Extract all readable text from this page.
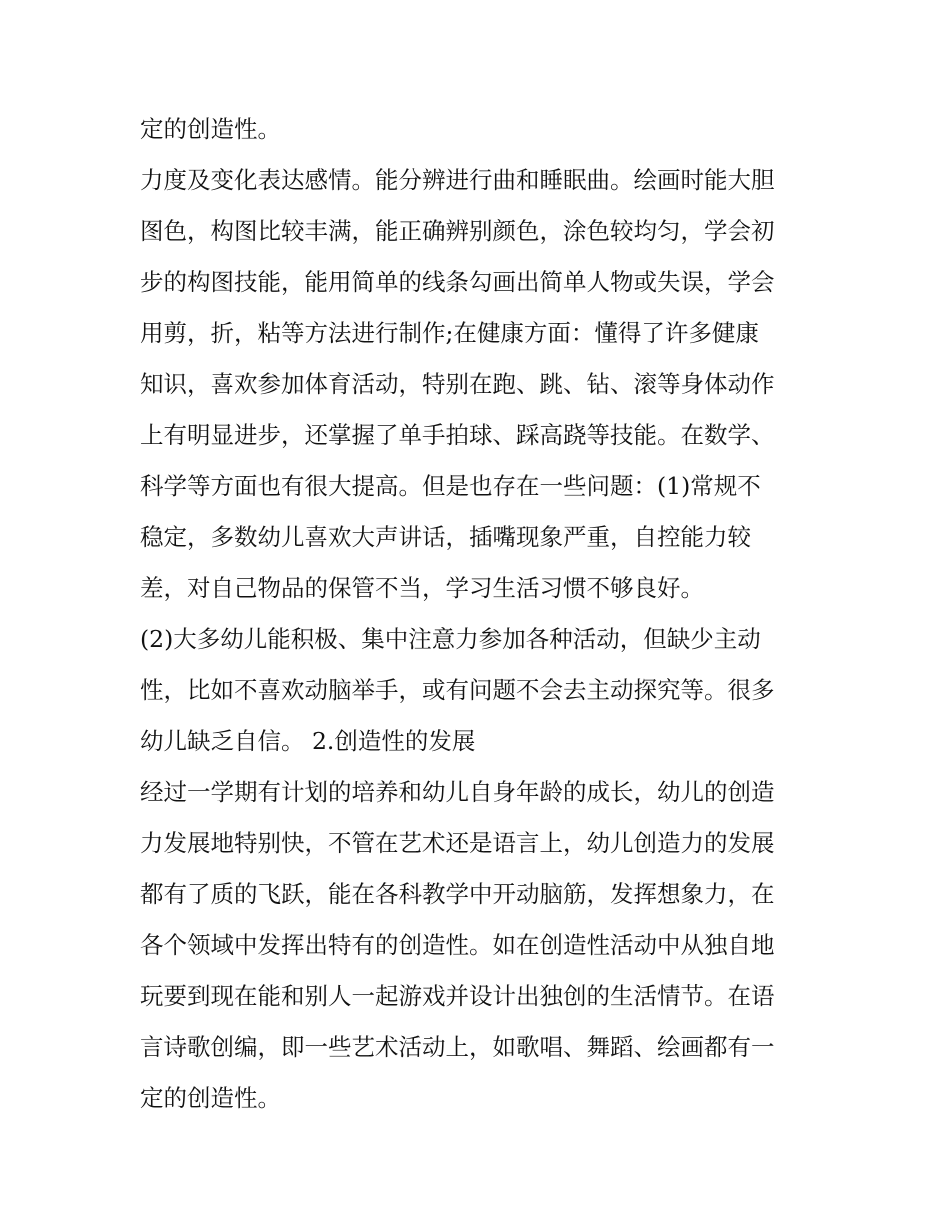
定的创造性。
力度及变化表达感情。能分辨进行曲和睡眠曲。绘画时能大胆
图色，构图比较丰满，能正确辨别颜色，涂色较均匀，学会初
步的构图技能，能用简单的线条勾画出简单人物或失误，学会
用剪，折，粘等方法进行制作;在健康方面：懂得了许多健康
知识，喜欢参加体育活动，特别在跑、跳、钻、滚等身体动作
上有明显进步，还掌握了单手拍球、踩高跷等技能。在数学、
科学等方面也有很大提高。但是也存在一些问题：(1)常规不
稳定，多数幼儿喜欢大声讲话，插嘴现象严重，自控能力较
差，对自己物品的保管不当，学习生活习惯不够良好。
(2)大多幼儿能积极、集中注意力参加各种活动，但缺少主动
性，比如不喜欢动脑举手，或有问题不会去主动探究等。很多
幼儿缺乏自信。 2.创造性的发展
经过一学期有计划的培养和幼儿自身年龄的成长，幼儿的创造
力发展地特别快，不管在艺术还是语言上，幼儿创造力的发展
都有了质的飞跃，能在各科教学中开动脑筋，发挥想象力，在
各个领域中发挥出特有的创造性。如在创造性活动中从独自地
玩要到现在能和别人一起游戏并设计出独创的生活情节。在语
言诗歌创编，即一些艺术活动上，如歌唱、舞蹈、绘画都有一
定的创造性。
